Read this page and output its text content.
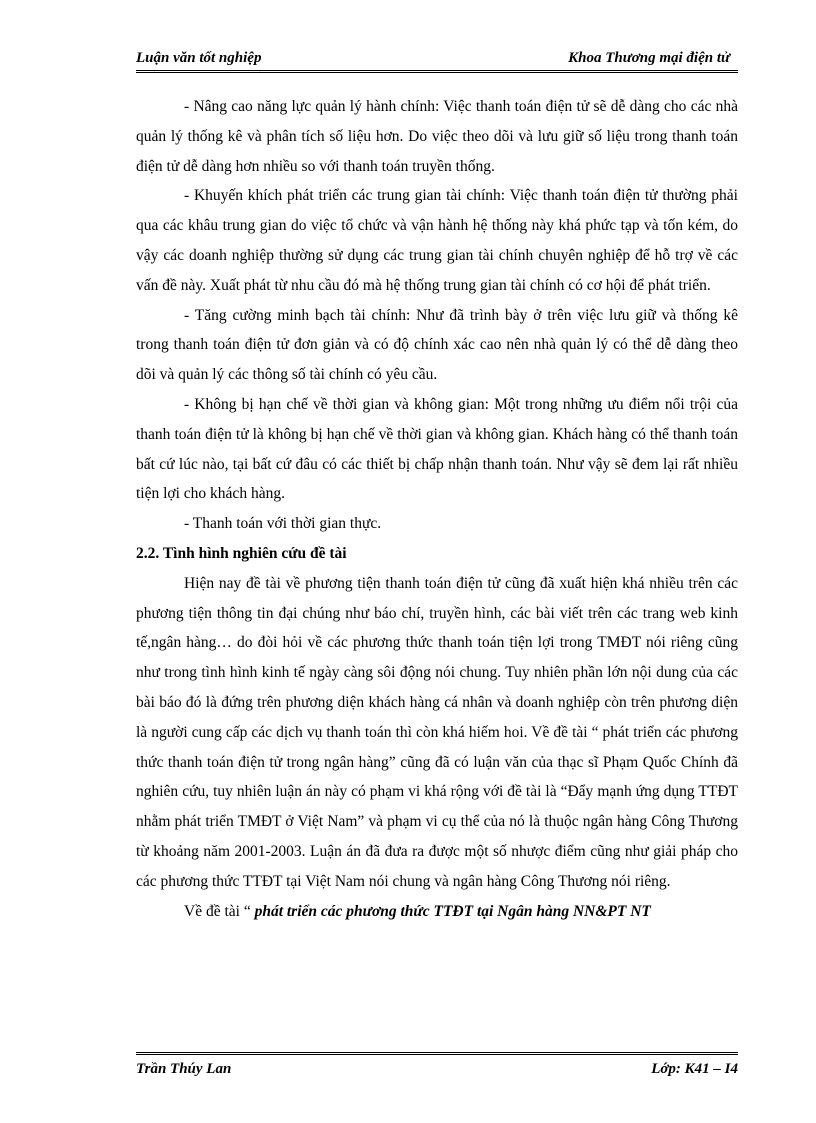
Luận văn tốt nghiệp	Khoa Thương mại điện tử

- Nâng cao năng lực quản lý hành chính: Việc thanh toán điện tử sẽ dễ dàng cho các nhà quản lý thống kê và phân tích số liệu hơn. Do việc theo dõi và lưu giữ số liệu trong thanh toán điện tử dễ dàng hơn nhiều so với thanh toán truyền thống.

- Khuyến khích phát triển các trung gian tài chính: Việc thanh toán điện tử thường phải qua các khâu trung gian do việc tổ chức và vận hành hệ thống này khá phức tạp và tốn kém, do vậy các doanh nghiệp thường sử dụng các trung gian tài chính chuyên nghiệp để hỗ trợ về các vấn đề này. Xuất phát từ nhu cầu đó mà hệ thống trung gian tài chính có cơ hội để phát triển.

- Tăng cường minh bạch tài chính: Như đã trình bày ở trên việc lưu giữ và thống kê trong thanh toán điện tử đơn giản và có độ chính xác cao nên nhà quản lý có thể dễ dàng theo dõi và quản lý các thông số tài chính có yêu cầu.

- Không bị hạn chế về thời gian và không gian: Một trong những ưu điểm nổi trội của thanh toán điện tử là không bị hạn chế về thời gian và không gian. Khách hàng có thể thanh toán bất cứ lúc nào, tại bất cứ đâu có các thiết bị chấp nhận thanh toán. Như vậy sẽ đem lại rất nhiều tiện lợi cho khách hàng.

- Thanh toán với thời gian thực.

2.2. Tình hình nghiên cứu đề tài

Hiện nay đề tài về phương tiện thanh toán điện tử cũng đã xuất hiện khá nhiều trên các phương tiện thông tin đại chúng như báo chí, truyền hình, các bài viết trên các trang web kinh tế,ngân hàng… do đòi hỏi về các phương thức thanh toán tiện lợi trong TMĐT nói riêng cũng như trong tình hình kinh tế ngày càng sôi động nói chung. Tuy nhiên phần lớn nội dung của các bài báo đó là đứng trên phương diện khách hàng cá nhân và doanh nghiệp còn trên phương diện là người cung cấp các dịch vụ thanh toán thì còn khá hiếm hoi. Về đề tài “ phát triển các phương thức thanh toán điện tử trong ngân hàng” cũng đã có luận văn của thạc sĩ Phạm Quốc Chính đã nghiên cứu, tuy nhiên luận án này có phạm vi khá rộng với đề tài là “Đẩy mạnh ứng dụng TTĐT nhằm phát triển TMĐT ở Việt Nam” và phạm vi cụ thể của nó là thuộc ngân hàng Công Thương từ khoảng năm 2001-2003. Luận án đã đưa ra được một số nhược điểm cũng như giải pháp cho các phương thức TTĐT tại Việt Nam nói chung và ngân hàng Công Thương nói riêng.

Về đề tài “ phát triển các phương thức TTĐT tại Ngân hàng NN&PT NT

Trần Thúy Lan	Lớp: K41 – I4
